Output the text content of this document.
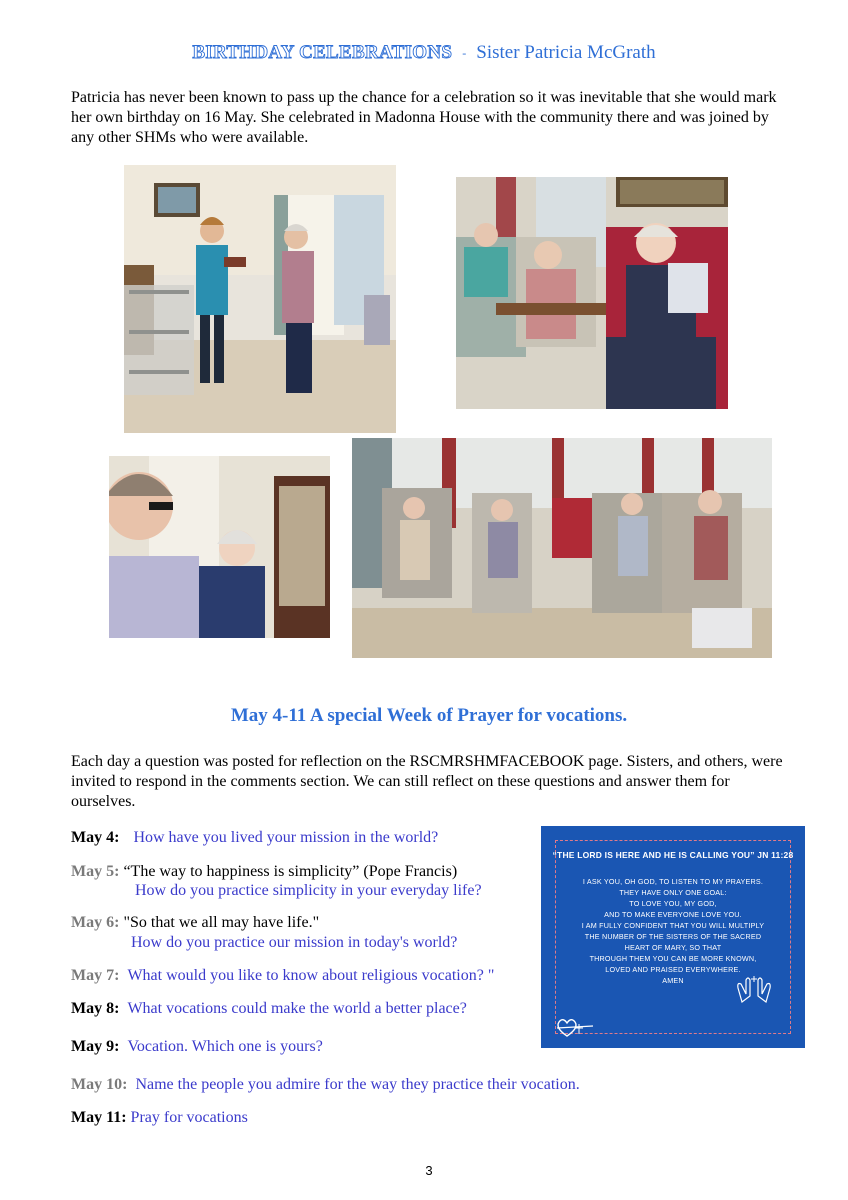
BIRTHDAY CELEBRATIONS - Sister Patricia McGrath
Patricia has never been known to pass up the chance for a celebration so it was inevitable that she would mark her own birthday on 16 May. She celebrated in Madonna House with the community there and was joined by any other SHMs who were available.
May 4-11 A special Week of Prayer for vocations.
Each day a question was posted for reflection on the RSCMRSHMFACEBOOK page. Sisters, and others, were invited to respond in the comments section. We can still reflect on these questions and answer them for ourselves.
May 4: How have you lived your mission in the world?
May 5: “The way to happiness is simplicity” (Pope Francis)
How do you practice simplicity in your everyday life?
May 6: "So that we all may have life."
How do you practice our mission in today's world?
May 7: What would you like to know about religious vocation? "
May 8: What vocations could make the world a better place?
May 9: Vocation. Which one is yours?
May 10: Name the people you admire for the way they practice their vocation.
May 11: Pray for vocations
“THE LORD IS HERE AND HE IS CALLING YOU” JN 11:28
I ASK YOU, OH GOD, TO LISTEN TO MY PRAYERS.
THEY HAVE ONLY ONE GOAL:
TO LOVE YOU, MY GOD,
AND TO MAKE EVERYONE LOVE YOU.
I AM FULLY CONFIDENT THAT YOU WILL MULTIPLY
THE NUMBER OF THE SISTERS OF THE SACRED
HEART OF MARY, SO THAT
THROUGH THEM YOU CAN BE MORE KNOWN,
LOVED AND PRAISED EVERYWHERE.
AMEN
3
